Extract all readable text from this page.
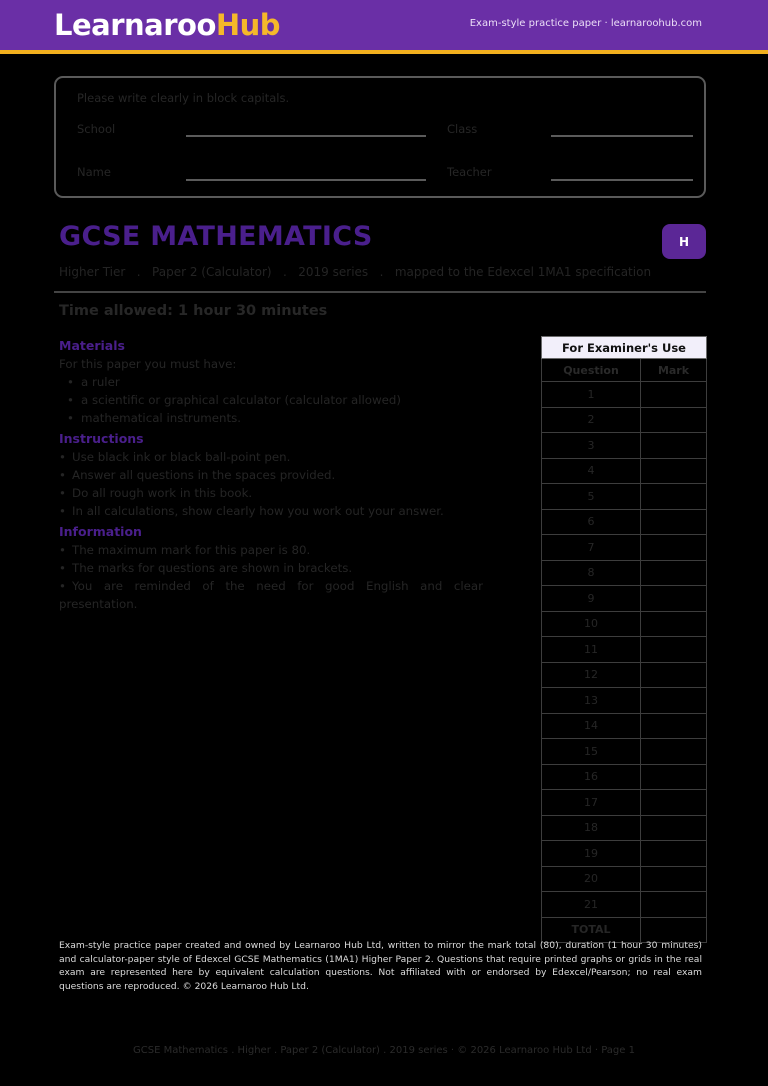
LearnarooHub	Exam-style practice paper · learnaroohub.com
Please write clearly in block capitals.
School	Class
Name	Teacher
GCSE MATHEMATICS	H
Higher Tier   .   Paper 2 (Calculator)   .   2019 series   .   mapped to the Edexcel 1MA1 specification
Time allowed: 1 hour 30 minutes
Materials

For this paper you must have:

• a ruler
• a scientific or graphical calculator (calculator allowed)
• mathematical instruments.
Instructions
• Use black ink or black ball-point pen.
• Answer all questions in the spaces provided.
• Do all rough work in this book.
• In all calculations, show clearly how you work out your answer.
Information
• The maximum mark for this paper is 80.
• The marks for questions are shown in brackets.
• You are reminded of the need for good English and clear presentation.
For Examiner's Use	
Question	Mark
1	
2	
3	
4	
5	
6	
7	
8	
9	
10	
11	
12	
13	
14	
15	
16	
17	
18	
19	
20	
21	
TOTAL	
Exam-style practice paper created and owned by Learnaroo Hub Ltd, written to mirror the mark total (80), duration (1 hour 30 minutes) and calculator-paper style of Edexcel GCSE Mathematics (1MA1) Higher Paper 2. Questions that require printed graphs or grids in the real exam are represented here by equivalent calculation questions. Not affiliated with or endorsed by Edexcel/Pearson; no real exam questions are reproduced. © 2026 Learnaroo Hub Ltd.
GCSE Mathematics . Higher . Paper 2 (Calculator) . 2019 series · © 2026 Learnaroo Hub Ltd · Page 1
